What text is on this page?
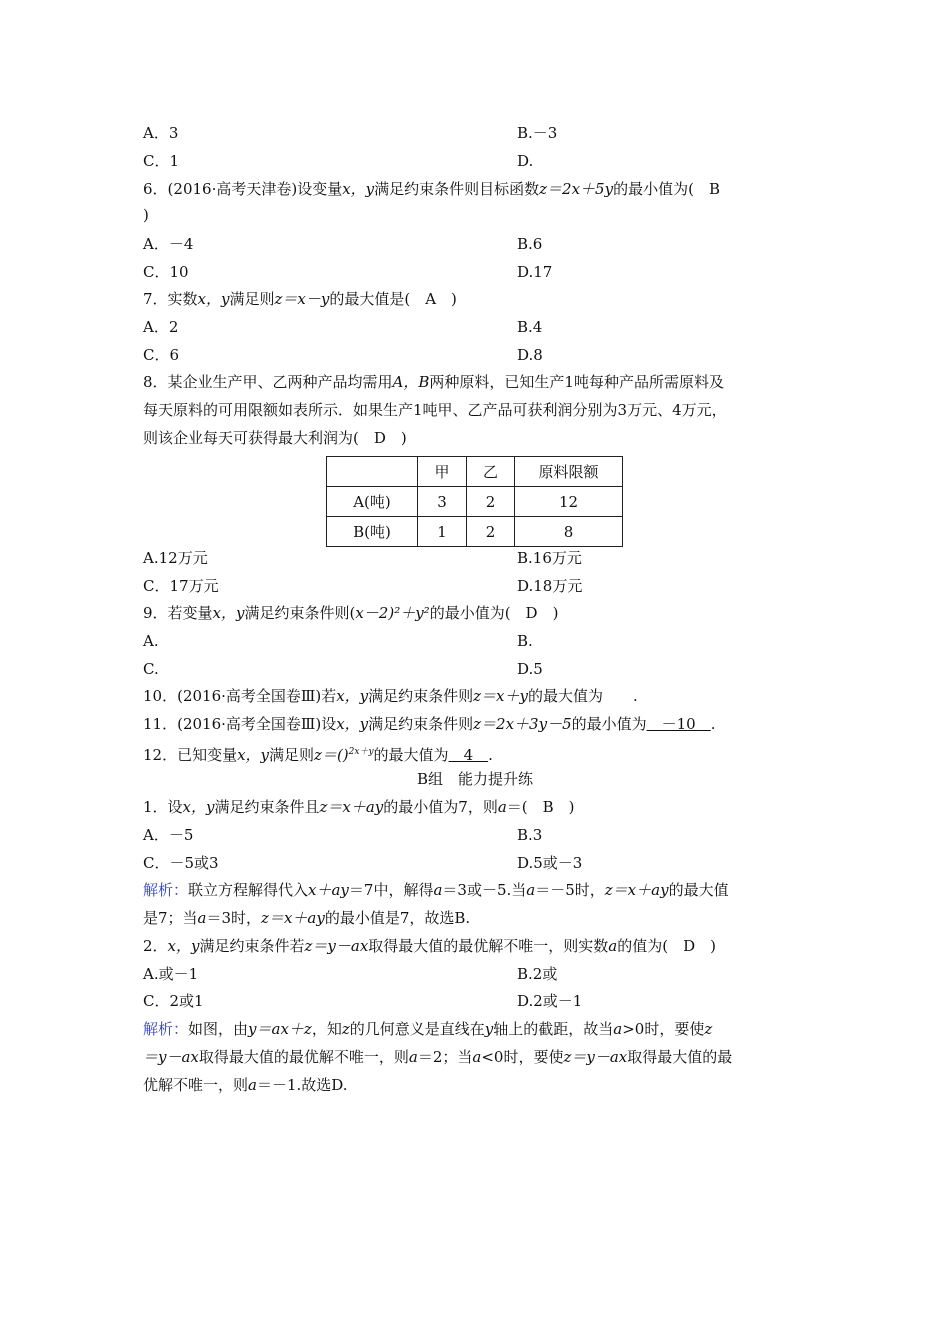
A．3	B.－3
C．1	D.
6．(2016·高考天津卷)设变量x，y满足约束条件则目标函数z＝2x＋5y的最小值为(　B
)
A．－4	B.6
C．10	D.17
7．实数x，y满足则z＝x－y的最大值是(　A　)
A．2	B.4
C．6	D.8
8．某企业生产甲、乙两种产品均需用A，B两种原料，已知生产1吨每种产品所需原料及
每天原料的可用限额如表所示．如果生产1吨甲、乙产品可获利润分别为3万元、4万元，
则该企业每天可获得最大利润为(　D　)
	甲	乙	原料限额
A(吨)	3	2	12
B(吨)	1	2	8
A.12万元	B.16万元
C．17万元	D.18万元
9．若变量x，y满足约束条件则(x－2)²＋y²的最小值为(　D　)
A.	B.
C.	D.5
10．(2016·高考全国卷Ⅲ)若x，y满足约束条件则z＝x＋y的最大值为　　.
11．(2016·高考全国卷Ⅲ)设x，y满足约束条件则z＝2x＋3y－5的最小值为　－10　.
12．已知变量x，y满足则z＝()$^{2x+y}$的最大值为　4　.
B组　能力提升练
1．设x，y满足约束条件且z＝x＋ay的最小值为7，则a＝(　B　)
A．－5	B.3
C．－5或3	D.5或－3
解析：联立方程解得代入x＋ay＝7中，解得a＝3或－5.当a＝－5时，z＝x＋ay的最大值
是7；当a＝3时，z＝x＋ay的最小值是7，故选B.
2．x，y满足约束条件若z＝y－ax取得最大值的最优解不唯一，则实数a的值为(　D　)
A.或－1	B.2或
C．2或1	D.2或－1
解析：如图，由y＝ax＋z，知z的几何意义是直线在y轴上的截距，故当a>0时，要使z
＝y－ax取得最大值的最优解不唯一，则a＝2；当a<0时，要使z＝y－ax取得最大值的最
优解不唯一，则a＝－1.故选D.
